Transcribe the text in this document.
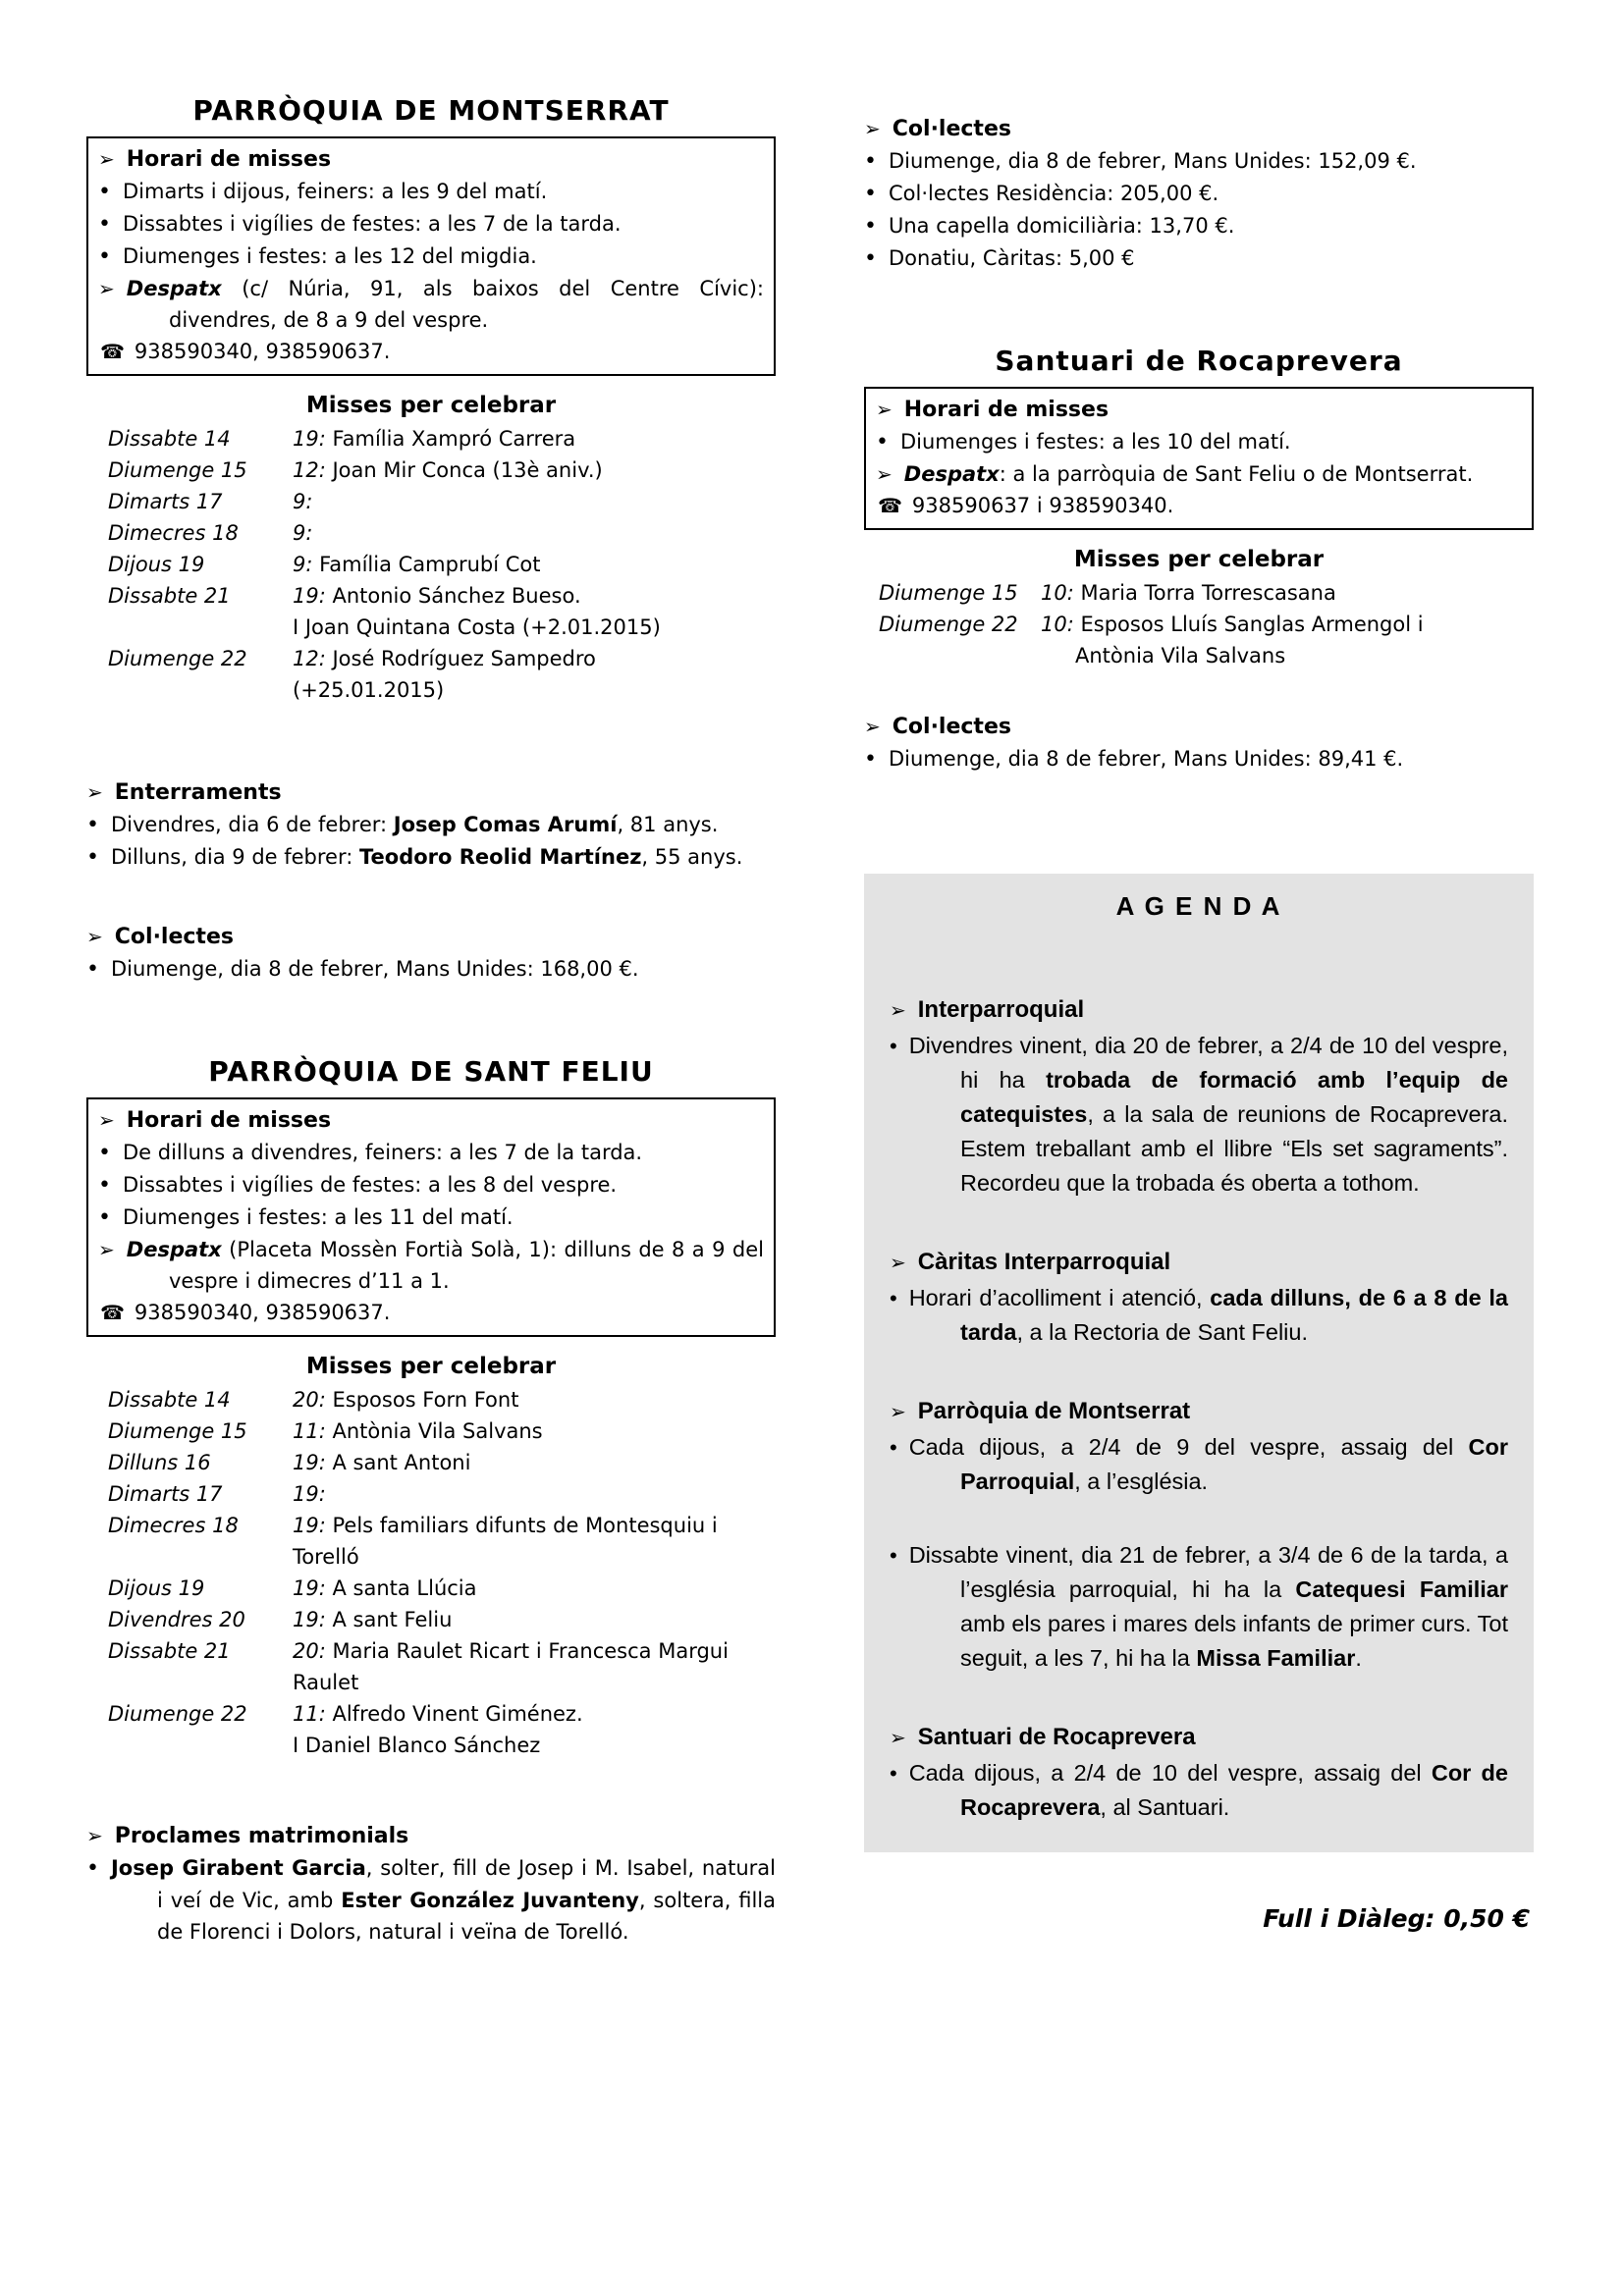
PARRÒQUIA DE MONTSERRAT
➢ Horari de misses
• Dimarts i dijous, feiners: a les 9 del matí.
• Dissabtes i vigílies de festes: a les 7 de la tarda.
• Diumenges i festes: a les 12 del migdia.
➢ Despatx (c/ Núria, 91, als baixos del Centre Cívic): divendres, de 8 a 9 del vespre.
☎ 938590340, 938590637.
Misses per celebrar
Dissabte 14	19: Família Xampró Carrera
Diumenge 15	12: Joan Mir Conca (13è aniv.)
Dimarts 17	9:
Dimecres 18	9:
Dijous 19	9: Família Camprubí Cot
Dissabte 21	19: Antonio Sánchez Bueso.
I Joan Quintana Costa (+2.01.2015)
Diumenge 22	12: José Rodríguez Sampedro
(+25.01.2015)
➢ Enterraments
• Divendres, dia 6 de febrer: Josep Comas Arumí, 81 anys.
• Dilluns, dia 9 de febrer: Teodoro Reolid Martínez, 55 anys.
➢ Col·lectes
• Diumenge, dia 8 de febrer, Mans Unides: 168,00 €.
PARRÒQUIA DE SANT FELIU
➢ Horari de misses
• De dilluns a divendres, feiners: a les 7 de la tarda.
• Dissabtes i vigílies de festes: a les 8 del vespre.
• Diumenges i festes: a les 11 del matí.
➢ Despatx (Placeta Mossèn Fortià Solà, 1): dilluns de 8 a 9 del vespre i dimecres d’11 a 1.
☎ 938590340, 938590637.
Misses per celebrar
Dissabte 14	20: Esposos Forn Font
Diumenge 15	11: Antònia Vila Salvans
Dilluns 16	19: A sant Antoni
Dimarts 17	19:
Dimecres 18	19: Pels familiars difunts de Montesquiu i
Torelló
Dijous 19	19: A santa Llúcia
Divendres 20	19: A sant Feliu
Dissabte 21	20: Maria Raulet Ricart i Francesca Margui
Raulet
Diumenge 22	11: Alfredo Vinent Giménez.
I Daniel Blanco Sánchez
➢ Proclames matrimonials
• Josep Girabent Garcia, solter, fill de Josep i M. Isabel, natural i veí de Vic, amb Ester González Juvanteny, soltera, filla de Florenci i Dolors, natural i veïna de Torelló.
➢ Col·lectes
• Diumenge, dia 8 de febrer, Mans Unides: 152,09 €.
• Col·lectes Residència: 205,00 €.
• Una capella domiciliària: 13,70 €.
• Donatiu, Càritas: 5,00 €
Santuari de Rocaprevera
➢ Horari de misses
• Diumenges i festes: a les 10 del matí.
➢ Despatx: a la parròquia de Sant Feliu o de Montserrat.
☎ 938590637 i 938590340.
Misses per celebrar
Diumenge 15	10: Maria Torra Torrescasana
Diumenge 22	10: Esposos Lluís Sanglas Armengol i
Antònia Vila Salvans
➢ Col·lectes
• Diumenge, dia 8 de febrer, Mans Unides: 89,41 €.
A G E N D A
➢ Interparroquial
• Divendres vinent, dia 20 de febrer, a 2/4 de 10 del vespre, hi ha trobada de formació amb l’equip de catequistes, a la sala de reunions de Rocaprevera. Estem treballant amb el llibre “Els set sagraments”. Recordeu que la trobada és oberta a tothom.
➢ Càritas Interparroquial
• Horari d’acolliment i atenció, cada dilluns, de 6 a 8 de la tarda, a la Rectoria de Sant Feliu.
➢ Parròquia de Montserrat
• Cada dijous, a 2/4 de 9 del vespre, assaig del Cor Parroquial, a l’església.
• Dissabte vinent, dia 21 de febrer, a 3/4 de 6 de la tarda, a l’església parroquial, hi ha la Catequesi Familiar amb els pares i mares dels infants de primer curs. Tot seguit, a les 7, hi ha la Missa Familiar.
➢ Santuari de Rocaprevera
• Cada dijous, a 2/4 de 10 del vespre, assaig del Cor de Rocaprevera, al Santuari.
Full i Diàleg: 0,50 €
